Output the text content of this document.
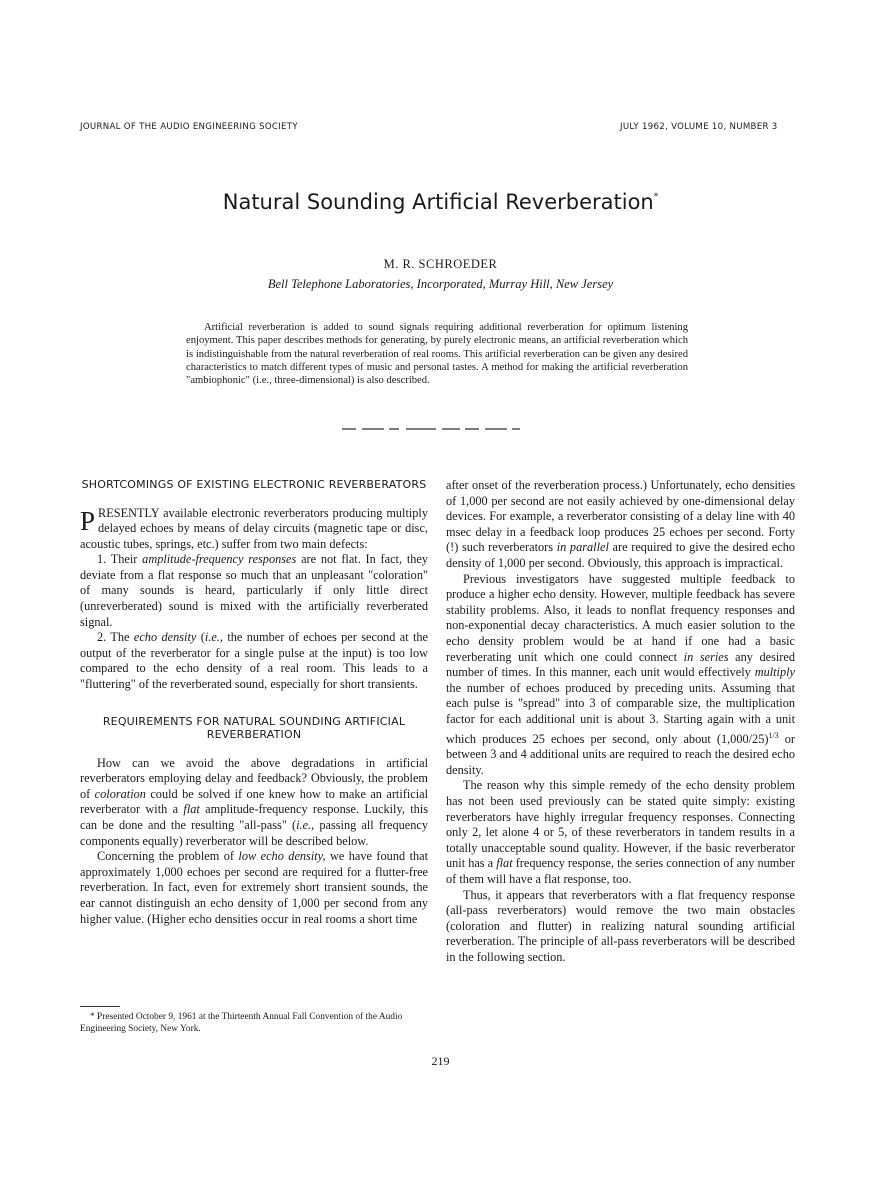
JOURNAL OF THE AUDIO ENGINEERING SOCIETY	JULY 1962, VOLUME 10, NUMBER 3
Natural Sounding Artificial Reverberation*
M. R. SCHROEDER
Bell Telephone Laboratories, Incorporated, Murray Hill, New Jersey
Artificial reverberation is added to sound signals requiring additional reverberation for optimum listening enjoyment. This paper describes methods for generating, by purely electronic means, an artificial reverberation which is indistinguishable from the natural reverberation of real rooms. This artificial reverberation can be given any desired characteristics to match different types of music and personal tastes. A method for making the artificial reverberation "ambiophonic" (i.e., three-dimensional) is also described.
SHORTCOMINGS OF EXISTING ELECTRONIC REVERBERATORS

PRESENTLY available electronic reverberators producing multiply delayed echoes by means of delay circuits (magnetic tape or disc, acoustic tubes, springs, etc.) suffer from two main defects:

1. Their amplitude-frequency responses are not flat. In fact, they deviate from a flat response so much that an unpleasant "coloration" of many sounds is heard, particularly if only little direct (unreverberated) sound is mixed with the artificially reverberated signal.

2. The echo density (i.e., the number of echoes per second at the output of the reverberator for a single pulse at the input) is too low compared to the echo density of a real room. This leads to a "fluttering" of the reverberated sound, especially for short transients.

REQUIREMENTS FOR NATURAL SOUNDING ARTIFICIAL REVERBERATION

How can we avoid the above degradations in artificial reverberators employing delay and feedback? Obviously, the problem of coloration could be solved if one knew how to make an artificial reverberator with a flat amplitude-frequency response. Luckily, this can be done and the resulting "all-pass" (i.e., passing all frequency components equally) reverberator will be described below.

Concerning the problem of low echo density, we have found that approximately 1,000 echoes per second are required for a flutter-free reverberation. In fact, even for extremely short transient sounds, the ear cannot distinguish an echo density of 1,000 per second from any higher value. (Higher echo densities occur in real rooms a short time

after onset of the reverberation process.) Unfortunately, echo densities of 1,000 per second are not easily achieved by one-dimensional delay devices. For example, a reverberator consisting of a delay line with 40 msec delay in a feedback loop produces 25 echoes per second. Forty (!) such reverberators in parallel are required to give the desired echo density of 1,000 per second. Obviously, this approach is impractical.

Previous investigators have suggested multiple feedback to produce a higher echo density. However, multiple feedback has severe stability problems. Also, it leads to nonflat frequency responses and non-exponential decay characteristics. A much easier solution to the echo density problem would be at hand if one had a basic reverberating unit which one could connect in series any desired number of times. In this manner, each unit would effectively multiply the number of echoes produced by preceding units. Assuming that each pulse is "spread" into 3 of comparable size, the multiplication factor for each additional unit is about 3. Starting again with a unit which produces 25 echoes per second, only about $(1,000/25)^{1/3}$ or between 3 and 4 additional units are required to reach the desired echo density.

The reason why this simple remedy of the echo density problem has not been used previously can be stated quite simply: existing reverberators have highly irregular frequency responses. Connecting only 2, let alone 4 or 5, of these reverberators in tandem results in a totally unacceptable sound quality. However, if the basic reverberator unit has a flat frequency response, the series connection of any number of them will have a flat response, too.

Thus, it appears that reverberators with a flat frequency response (all-pass reverberators) would remove the two main obstacles (coloration and flutter) in realizing natural sounding artificial reverberation. The principle of all-pass reverberators will be described in the following section.

* Presented October 9, 1961 at the Thirteenth Annual Fall Convention of the Audio Engineering Society, New York.
219
